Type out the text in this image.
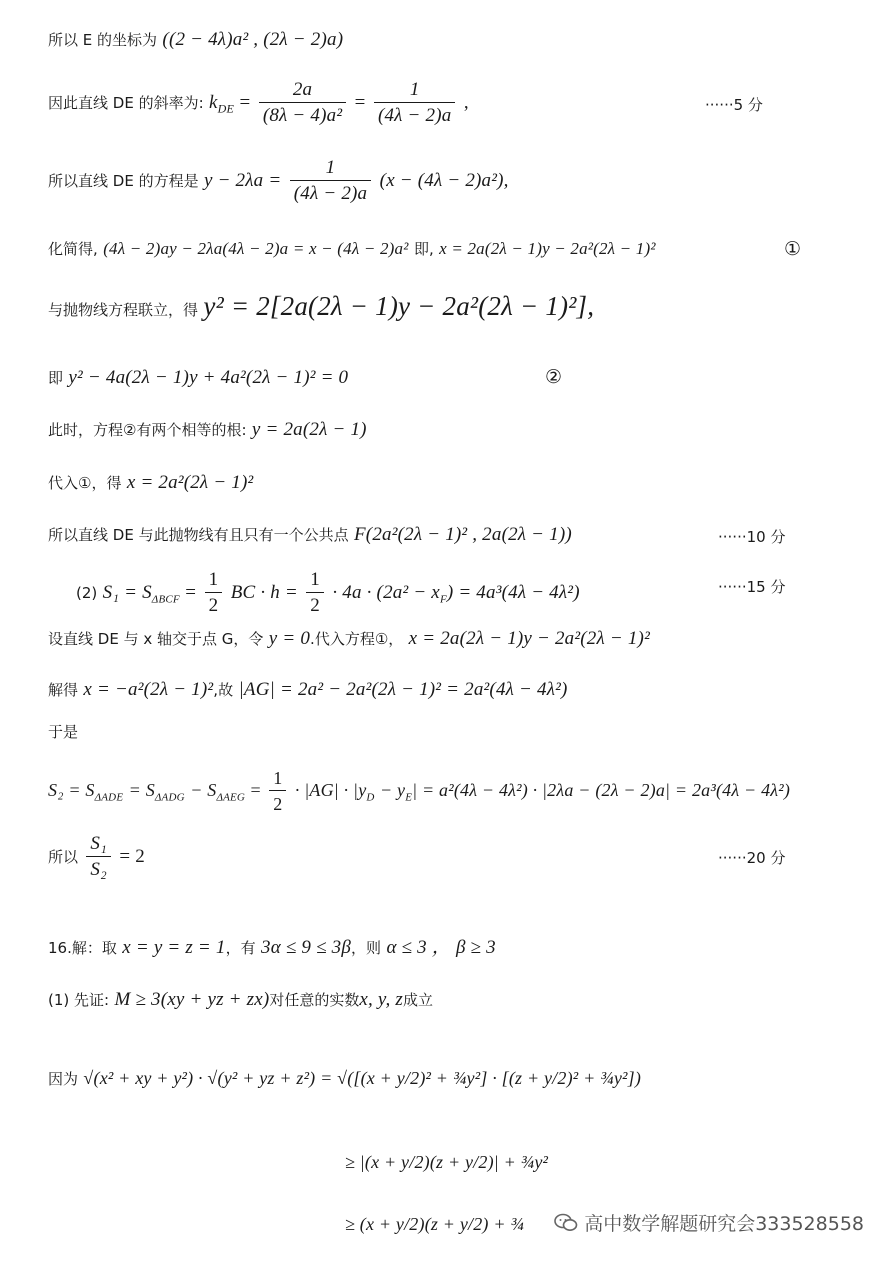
所以 E 的坐标为 ((2 − 4λ)a² , (2λ − 2)a)
因此直线 DE 的斜率为: $k_{DE} = \frac{2a}{\text{(8λ − 4)a²}} = \frac{1}{(4\lambda - 2)a}$ ,	······5 分
所以直线 DE 的方程是 $y - 2\lambda a = \frac{1}{(4\lambda - 2)a} (x - (4\lambda - 2)a^2)$,
化简得, (4λ − 2)ay − 2λa(4λ − 2)a = x − (4λ − 2)a² 即, x = 2a(2λ − 1)y − 2a²(2λ − 1)²	①
与抛物线方程联立，得 y² = 2[2a(2λ − 1)y − 2a²(2λ − 1)²],
即 y² − 4a(2λ − 1)y + 4a²(2λ − 1)² = 0	②
此时，方程②有两个相等的根: y = 2a(2λ − 1)
代入①，得 x = 2a²(2λ − 1)²
所以直线 DE 与此抛物线有且只有一个公共点 F(2a²(2λ − 1)² , 2a(2λ − 1))	······10 分
(2) $S_1 = S_{\Delta BCF} = \frac{1}{2}$ BC · $h = \frac{1}{2} \cdot 4a \cdot (2a^2 - x_F) = 4a^3(4\lambda - 4\lambda^2)$	······15 分
设直线 DE 与 x 轴交于点 G，令 y = 0.代入方程①， x = 2a(2λ − 1)y − 2a²(2λ − 1)²
解得 x = −a²(2λ − 1)²,故 |AG| = 2a² − 2a²(2λ − 1)² = 2a²(4λ − 4λ²)
于是
$S_2 = S_{\Delta ADE} = S_{\Delta ADG} - S_{\Delta AEG} = \frac{1}{2} \cdot |AG| \cdot |y_D - y_E| = a^2(4\lambda - 4\lambda^2) \cdot |2\lambda a - (2\lambda - 2)a| = 2a^3(4\lambda - 4\lambda^2)$
所以 $\frac{\text{S₁}}{\text{S₂}} = 2$	······20 分
16.解：取 x = y = z = 1，有 3α ≤ 9 ≤ 3β，则 α ≤ 3 ， β ≥ 3
(1) 先证: M ≥ 3(xy + yz + zx)对任意的实数x, y, z成立
因为 √(x² + xy + y²) · √(y² + yz + z²) = √([(x + y/2)² + ¾y²] · [(z + y/2)² + ¾y²])
≥ |(x + y/2)(z + y/2)| + ¾y²
≥ (x + y/2)(z + y/2) + ¾	高中数学解题研究会333528558
